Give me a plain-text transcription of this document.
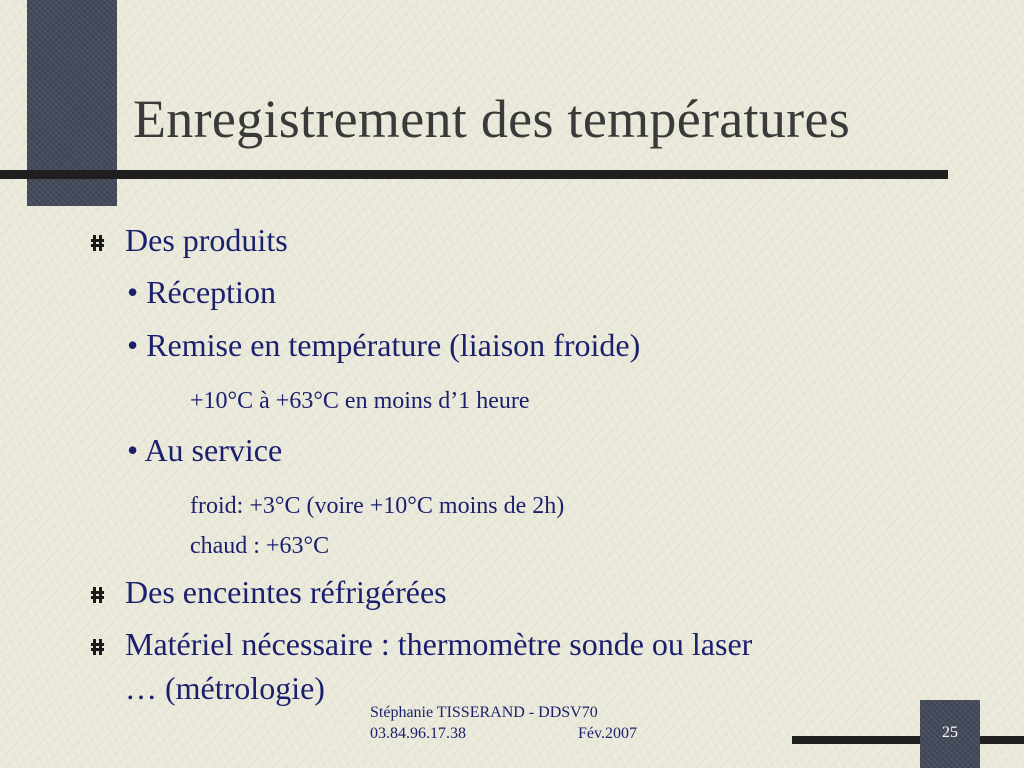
Enregistrement des températures
Des produits
• Réception
• Remise en température (liaison froide)
+10°C à +63°C en moins d’1 heure
• Au service
froid: +3°C (voire +10°C moins de 2h)
chaud : +63°C
Des enceintes réfrigérées
Matériel nécessaire : thermomètre sonde ou laser
… (métrologie)
Stéphanie TISSERAND - DDSV70
03.84.96.17.38	Fév.2007	25
